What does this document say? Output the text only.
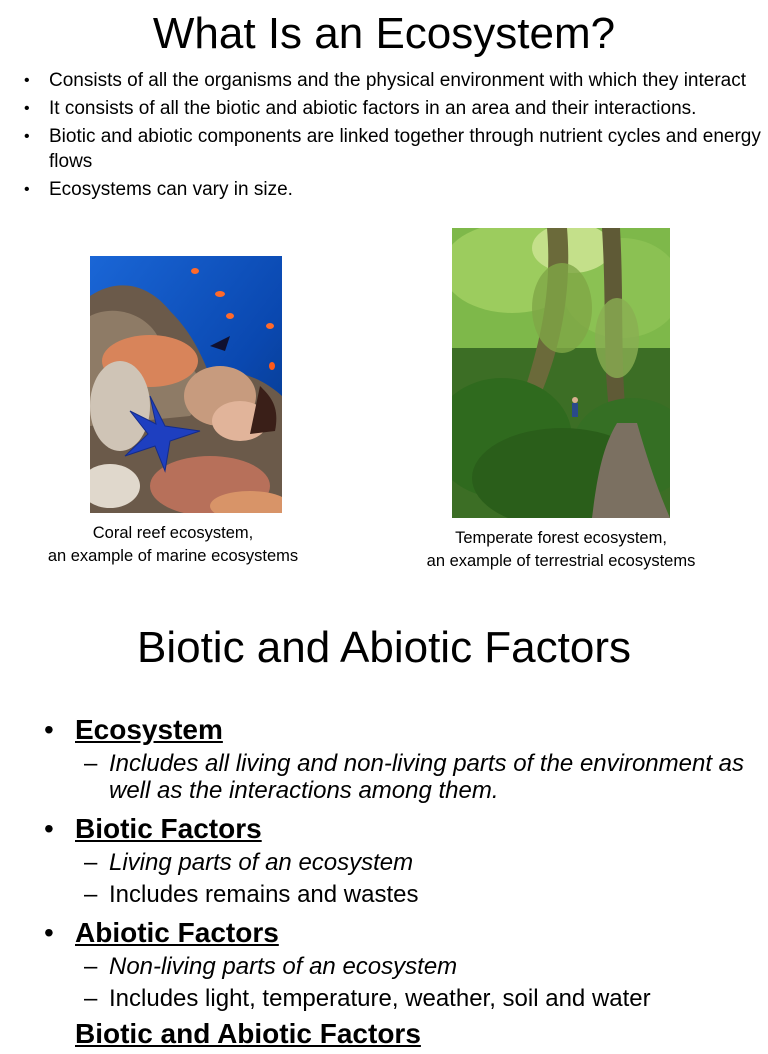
What Is an Ecosystem?
• Consists of all the organisms and the physical environment with which they interact
• It consists of all the biotic and abiotic factors in an area and their interactions.
• Biotic and abiotic components are linked together through nutrient cycles and energy flows
• Ecosystems can vary in size.
Coral reef ecosystem,
an example of marine ecosystems
Temperate forest ecosystem,
an example of terrestrial ecosystems
Biotic and Abiotic Factors
• Ecosystem
– Includes all living and non-living parts of the environment as well as the interactions among them.
• Biotic Factors
– Living parts of an ecosystem
– Includes remains and wastes
• Abiotic Factors
– Non-living parts of an ecosystem
– Includes light, temperature, weather, soil and water
Biotic and Abiotic Factors
